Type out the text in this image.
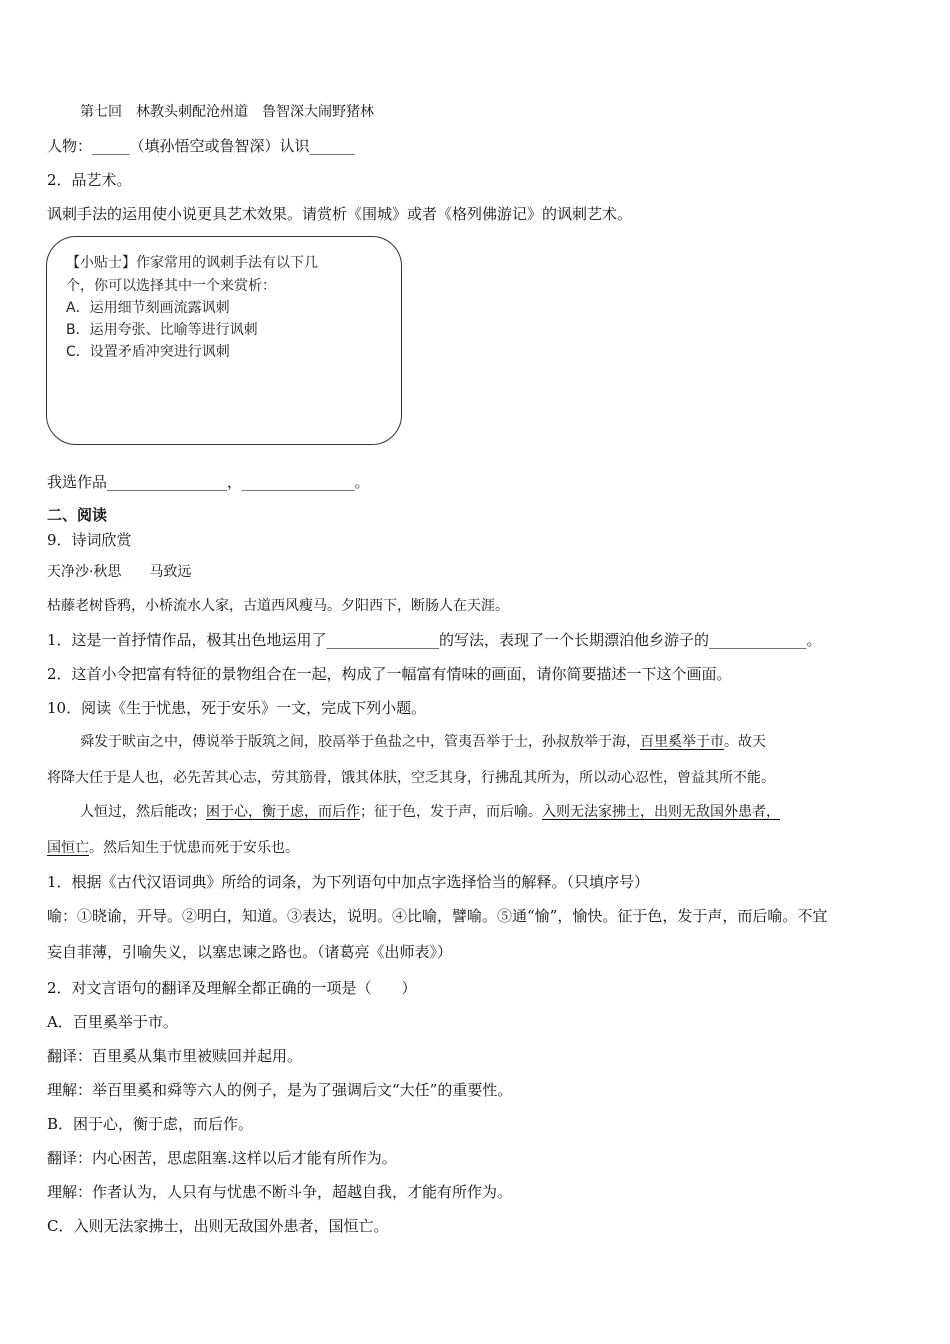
第七回　林教头刺配沧州道　鲁智深大闹野猪林
人物：_____（填孙悟空或鲁智深）认识______
2．品艺术。
讽刺手法的运用使小说更具艺术效果。请赏析《围城》或者《格列佛游记》的讽刺艺术。
【小贴士】作家常用的讽刺手法有以下几
个，你可以选择其中一个来赏析：
A．运用细节刻画流露讽刺
B．运用夸张、比喻等进行讽刺
C．设置矛盾冲突进行讽刺
我选作品________________，_______________。
二、阅读
9．诗词欣赏
天净沙·秋思　　马致远
枯藤老树昏鸦，小桥流水人家，古道西风瘦马。夕阳西下，断肠人在天涯。
1．这是一首抒情作品，极其出色地运用了_______________的写法，表现了一个长期漂泊他乡游子的_____________。
2．这首小令把富有特征的景物组合在一起，构成了一幅富有情味的画面，请你简要描述一下这个画面。
10．阅读《生于忧患，死于安乐》一文，完成下列小题。
舜发于畎亩之中，傅说举于版筑之间，胶鬲举于鱼盐之中，管夷吾举于士，孙叔敖举于海，百里奚举于市。故天
将降大任于是人也，必先苦其心志，劳其筋骨，饿其体肤，空乏其身，行拂乱其所为，所以动心忍性，曾益其所不能。
人恒过，然后能改；困于心，衡于虑，而后作；征于色，发于声，而后喻。入则无法家拂士，出则无敌国外患者，
国恒亡。然后知生于忧患而死于安乐也。
1．根据《古代汉语词典》所给的词条，为下列语句中加点字选择恰当的解释。（只填序号）
喻：①晓谕，开导。②明白，知道。③表达，说明。④比喻，譬喻。⑤通“愉”，愉快。征于色，发于声，而后喻。不宜
妄自菲薄，引喻失义，以塞忠谏之路也。（诸葛亮《出师表》）
2．对文言语句的翻译及理解全都正确的一项是（　　）
A．百里奚举于市。
翻译：百里奚从集市里被赎回并起用。
理解：举百里奚和舜等六人的例子，是为了强调后文“大任”的重要性。
B．困于心，衡于虑，而后作。
翻译：内心困苦，思虑阻塞.这样以后才能有所作为。
理解：作者认为，人只有与忧患不断斗争，超越自我，才能有所作为。
C．入则无法家拂士，出则无敌国外患者，国恒亡。
